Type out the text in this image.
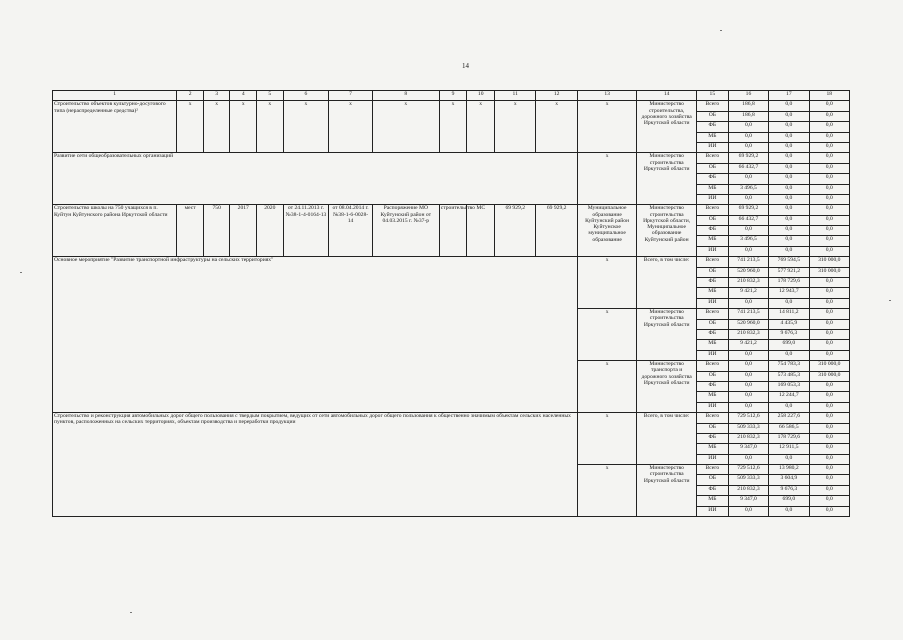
14
1	2	3	4	5	6	7	8	9	10	11	12	13	14	15	16	17	18
Строительство объектов культурно-досугового типа (нераспределенные средства)²	x	x	x	x	x	x	x	x	x	x	x	x	Министерство строительства, дорожного хозяйства Иркутской области	Всего	186,8	0,0	0,0
														ОБ	186,8	0,0	0,0
														ФБ	0,0	0,0	0,0
														МБ	0,0	0,0	0,0
														ИИ	0,0	0,0	0,0
Развитие сети общеобразовательных организаций												x	Министерство строительства Иркутской области	Всего	69 929,2	0,0	0,0
														ОБ	66 432,7	0,0	0,0
														ФБ	0,0	0,0	0,0
														МБ	3 496,5	0,0	0,0
														ИИ	0,0	0,0	0,0
Строительство школы на 750 учащихся в п. Куйтун Куйтунского района Иркутской области	мест	750	2017	2020	от 24.11.2013 г. №38-1-4-0164-13	от 08.04.2014 г. №38-1-6-0028-14	Распоряжение МО Куйтунский район от 04.03.2015 г. №37-р	строительство	МС	69 929,2	69 929,2	Муниципальное образование Куйтунский район Куйтунское муниципальное образование	Министерство строительства Иркутской области, Муниципальное образование Куйтунский район	Всего	69 929,2	0,0	0,0
														ОБ	66 432,7	0,0	0,0
														ФБ	0,0	0,0	0,0
														МБ	3 496,5	0,0	0,0
														ИИ	0,0	0,0	0,0
Основное мероприятие "Развитие транспортной инфраструктуры на сельских территориях"												x	Всего, в том числе:	Всего	741 213,5	769 594,5	310 000,0
														ОБ	520 960,0	577 921,2	310 000,0
														ФБ	210 832,3	178 729,6	0,0
														МБ	9 421,2	12 943,7	0,0
														ИИ	0,0	0,0	0,0
												x	Министерство строительства Иркутской области	Всего	741 213,5	14 811,2	0,0
														ОБ	520 960,0	4 435,9	0,0
														ФБ	210 832,3	9 676,3	0,0
														МБ	9 421,2	699,0	0,0
														ИИ	0,0	0,0	0,0
												x	Министерство транспорта и дорожного хозяйства Иркутской области	Всего	0,0	754 783,3	310 000,0
														ОБ	0,0	573 485,3	310 000,0
														ФБ	0,0	169 053,3	0,0
														МБ	0,0	12 244,7	0,0
														ИИ	0,0	0,0	0,0
Строительство и реконструкция автомобильных дорог общего пользования с твердым покрытием, ведущих от сети автомобильных дорог общего пользования к общественно значимым объектам сельских населенных пунктов, расположенных на сельских территориях, объектам производства и переработки продукции												x	Всего, в том числе:	Всего	729 512,6	258 227,6	0,0
														ОБ	509 333,3	66 586,5	0,0
														ФБ	210 832,3	178 729,6	0,0
														МБ	9 347,0	12 911,5	0,0
														ИИ	0,0	0,0	0,0
												x	Министерство строительства Иркутской области	Всего	729 512,6	13 980,2	0,0
														ОБ	509 333,3	3 604,9	0,0
														ФБ	210 832,3	9 676,3	0,0
														МБ	9 347,0	699,0	0,0
														ИИ	0,0	0,0	0,0
